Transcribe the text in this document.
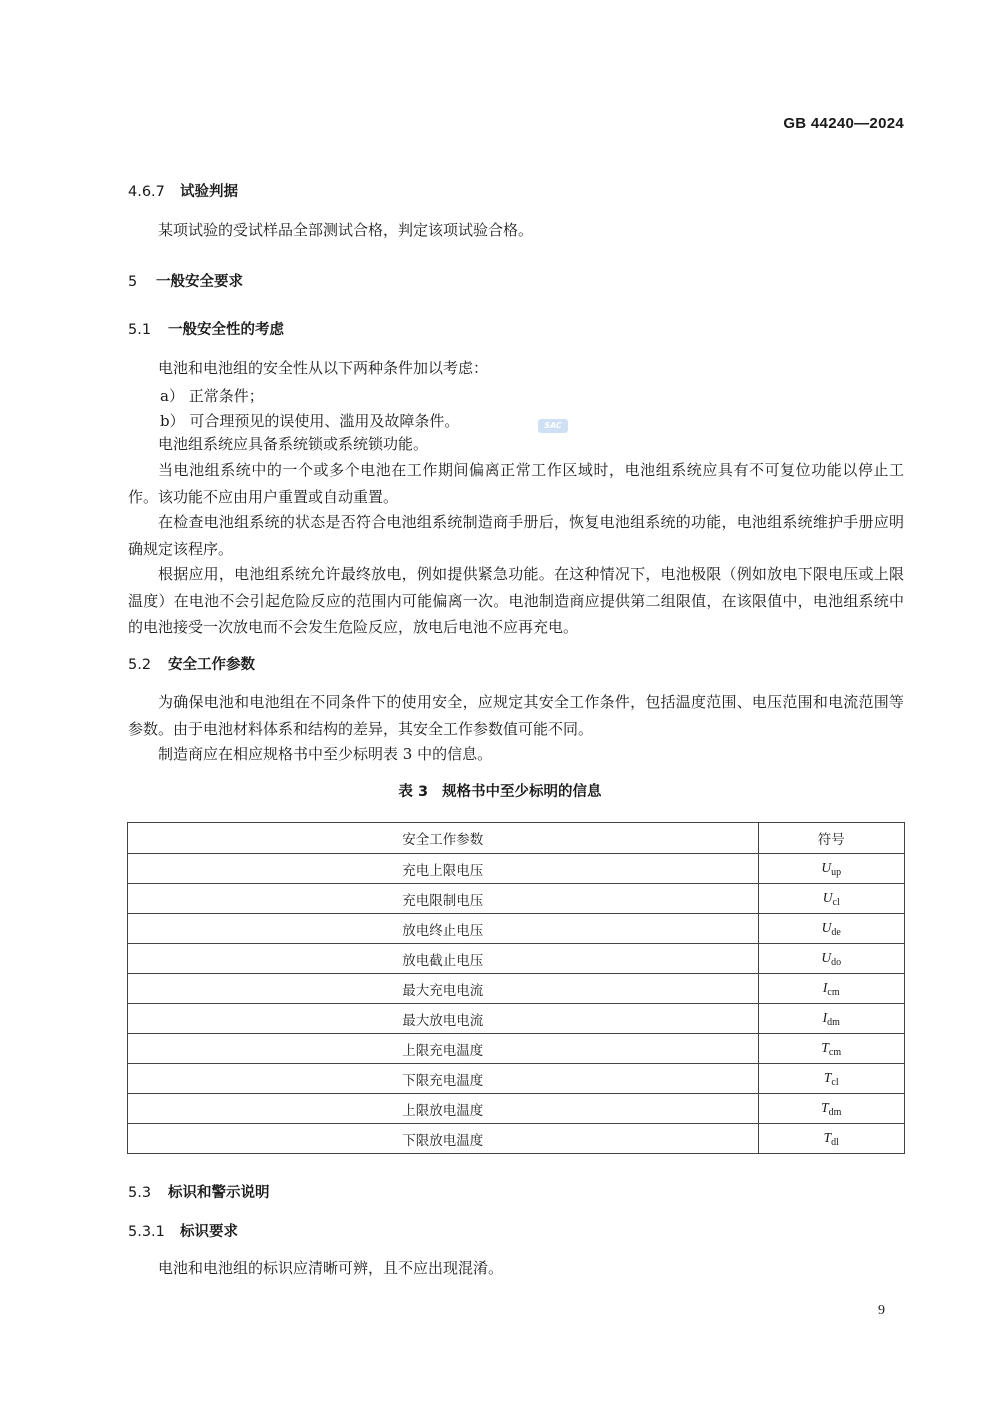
GB 44240—2024
4.6.7 试验判据
某项试验的受试样品全部测试合格，判定该项试验合格。
5 一般安全要求
5.1 一般安全性的考虑
电池和电池组的安全性从以下两种条件加以考虑：
a） 正常条件；
b） 可合理预见的误使用、滥用及故障条件。	SAC
电池组系统应具备系统锁或系统锁功能。
当电池组系统中的一个或多个电池在工作期间偏离正常工作区域时，电池组系统应具有不可复位功能以停止工作。该功能不应由用户重置或自动重置。
在检查电池组系统的状态是否符合电池组系统制造商手册后，恢复电池组系统的功能，电池组系统维护手册应明确规定该程序。
根据应用，电池组系统允许最终放电，例如提供紧急功能。在这种情况下，电池极限（例如放电下限电压或上限温度）在电池不会引起危险反应的范围内可能偏离一次。电池制造商应提供第二组限值，在该限值中，电池组系统中的电池接受一次放电而不会发生危险反应，放电后电池不应再充电。
5.2 安全工作参数
为确保电池和电池组在不同条件下的使用安全，应规定其安全工作条件，包括温度范围、电压范围和电流范围等参数。由于电池材料体系和结构的差异，其安全工作参数值可能不同。
制造商应在相应规格书中至少标明表 3 中的信息。
表 3 规格书中至少标明的信息
安全工作参数	符号
充电上限电压	$U_{up}$
充电限制电压	$U_{cl}$
放电终止电压	$U_{de}$
放电截止电压	$U_{do}$
最大充电电流	$I_{cm}$
最大放电电流	$I_{dm}$
上限充电温度	$T_{cm}$
下限充电温度	$T_{cl}$
上限放电温度	$T_{dm}$
下限放电温度	$T_{dl}$
5.3 标识和警示说明
5.3.1 标识要求
电池和电池组的标识应清晰可辨，且不应出现混淆。
9
